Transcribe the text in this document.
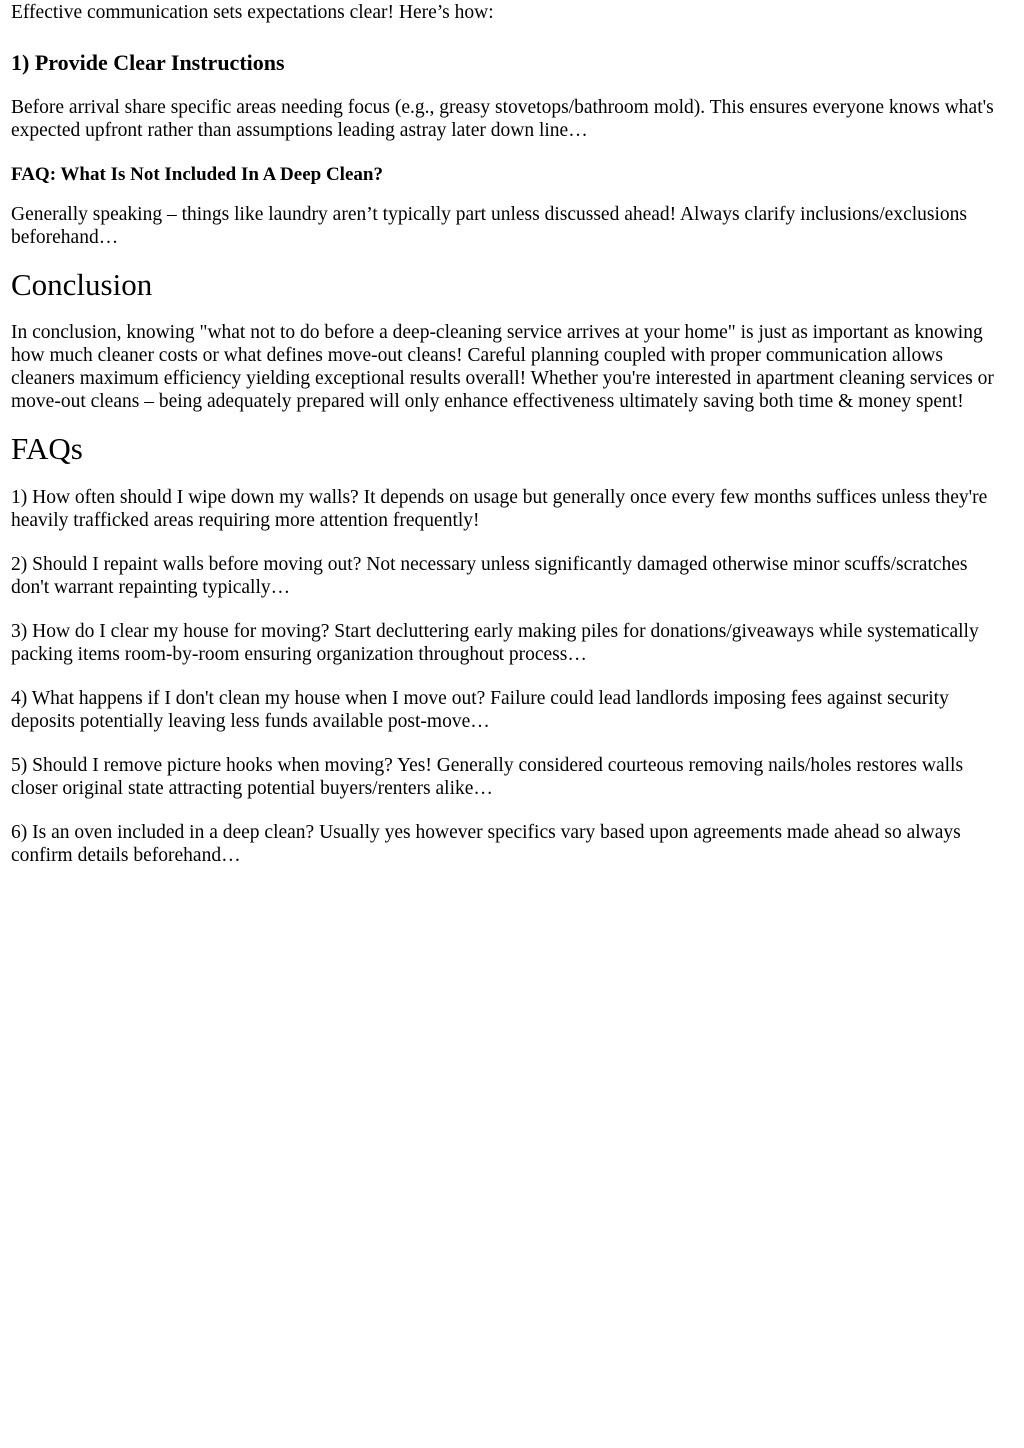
Effective communication sets expectations clear! Here’s how:

1) Provide Clear Instructions

Before arrival share specific areas needing focus (e.g., greasy stovetops/bathroom mold). This ensures everyone knows what's expected upfront rather than assumptions leading astray later down line…

FAQ: What Is Not Included In A Deep Clean?

Generally speaking – things like laundry aren’t typically part unless discussed ahead! Always clarify inclusions/exclusions beforehand…

Conclusion

In conclusion, knowing "what not to do before a deep-cleaning service arrives at your home" is just as important as knowing how much cleaner costs or what defines move-out cleans! Careful planning coupled with proper communication allows cleaners maximum efficiency yielding exceptional results overall! Whether you're interested in apartment cleaning services or move-out cleans – being adequately prepared will only enhance effectiveness ultimately saving both time & money spent!

FAQs

1) How often should I wipe down my walls? It depends on usage but generally once every few months suffices unless they're heavily trafficked areas requiring more attention frequently!

2) Should I repaint walls before moving out? Not necessary unless significantly damaged otherwise minor scuffs/scratches don't warrant repainting typically…

3) How do I clear my house for moving? Start decluttering early making piles for donations/giveaways while systematically packing items room-by-room ensuring organization throughout process…

4) What happens if I don't clean my house when I move out? Failure could lead landlords imposing fees against security deposits potentially leaving less funds available post-move…

5) Should I remove picture hooks when moving? Yes! Generally considered courteous removing nails/holes restores walls closer original state attracting potential buyers/renters alike…

6) Is an oven included in a deep clean? Usually yes however specifics vary based upon agreements made ahead so always confirm details beforehand…
